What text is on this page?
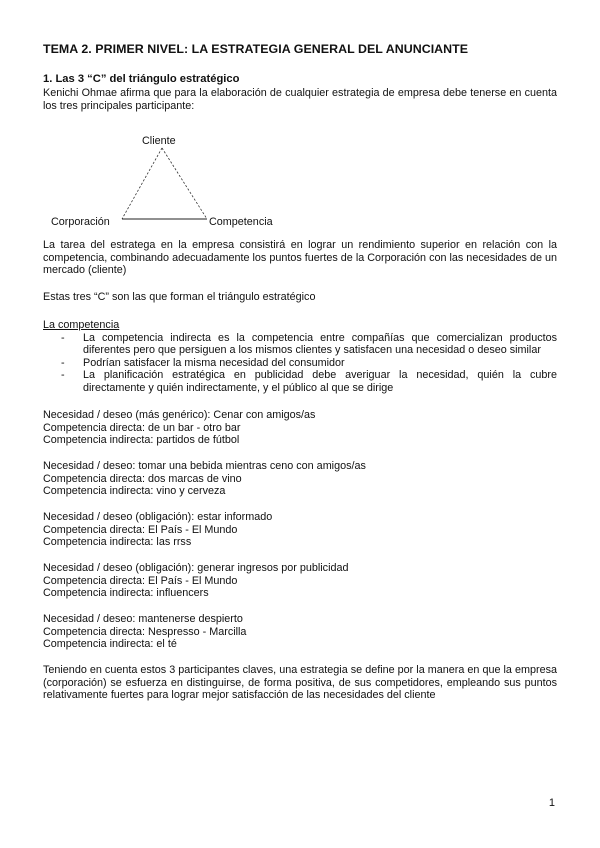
TEMA 2. PRIMER NIVEL: LA ESTRATEGIA GENERAL DEL ANUNCIANTE
1. Las 3 “C” del triángulo estratégico
Kenichi Ohmae afirma que para la elaboración de cualquier estrategia de empresa debe tenerse en cuenta los tres principales participante:
Cliente
Corporación	Competencia
La tarea del estratega en la empresa consistirá en lograr un rendimiento superior en relación con la competencia, combinando adecuadamente los puntos fuertes de la Corporación con las necesidades de un mercado (cliente)
Estas tres “C” son las que forman el triángulo estratégico
La competencia
- La competencia indirecta es la competencia entre compañías que comercializan productos diferentes pero que persiguen a los mismos clientes y satisfacen una necesidad o deseo similar
- Podrían satisfacer la misma necesidad del consumidor
- La planificación estratégica en publicidad debe averiguar la necesidad, quién la cubre directamente y quién indirectamente, y el público al que se dirige
Necesidad / deseo (más genérico): Cenar con amigos/as
Competencia directa: de un bar - otro bar
Competencia indirecta: partidos de fútbol
Necesidad / deseo: tomar una bebida mientras ceno con amigos/as
Competencia directa: dos marcas de vino
Competencia indirecta: vino y cerveza
Necesidad / deseo (obligación): estar informado
Competencia directa: El País - El Mundo
Competencia indirecta: las rrss
Necesidad / deseo (obligación): generar ingresos por publicidad
Competencia directa: El País - El Mundo
Competencia indirecta: influencers
Necesidad / deseo: mantenerse despierto
Competencia directa: Nespresso - Marcilla
Competencia indirecta: el té
Teniendo en cuenta estos 3 participantes claves, una estrategia se define por la manera en que la empresa (corporación) se esfuerza en distinguirse, de forma positiva, de sus competidores, empleando sus puntos relativamente fuertes para lograr mejor satisfacción de las necesidades del cliente
1
